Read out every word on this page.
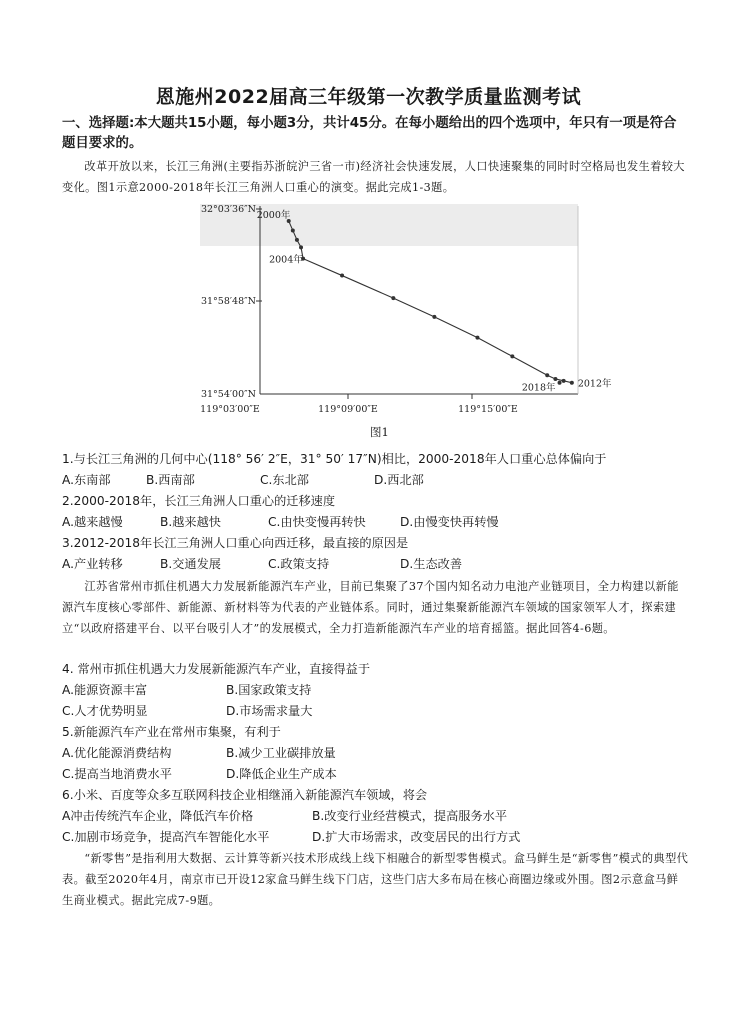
恩施州2022届高三年级第一次教学质量监测考试
一、选择题:本大题共15小题，每小题3分，共计45分。在每小题给出的四个选项中，年只有一项是符合题目要求的。
改革开放以来，长江三角洲(主要指苏浙皖沪三省一市)经济社会快速发展，人口快速聚集的同时时空格局也发生着较大变化。图1示意2000-2018年长江三角洲人口重心的演变。据此完成1-3题。
32°03′36″N
31°58′48″N
31°54′00″N
119°03′00″E	119°09′00″E	119°15′00″E
2000年
2004年
2012年
2018年
图1
1.与长江三角洲的几何中心(118° 56′ 2″E，31° 50′ 17″N)相比，2000-2018年人口重心总体偏向于
A.东南部	B.西南部	C.东北部	D.西北部
2.2000-2018年，长江三角洲人口重心的迁移速度
A.越来越慢	B.越来越快	C.由快变慢再转快	D.由慢变快再转慢
3.2012-2018年长江三角洲人口重心向西迁移，最直接的原因是
A.产业转移	B.交通发展	C.政策支持	D.生态改善
江苏省常州市抓住机遇大力发展新能源汽车产业，目前已集聚了37个国内知名动力电池产业链项目，全力构建以新能源汽车度核心零部件、新能源、新材料等为代表的产业链体系。同时，通过集聚新能源汽车领域的国家领军人才，探索建立“以政府搭建平台、以平台吸引人才”的发展模式，全力打造新能源汽车产业的培育摇篮。据此回答4-6题。
4. 常州市抓住机遇大力发展新能源汽车产业，直接得益于
A.能源资源丰富	B.国家政策支持
C.人才优势明显	D.市场需求量大
5.新能源汽车产业在常州市集聚，有利于
A.优化能源消费结构	B.减少工业碳排放量
C.提高当地消费水平	D.降低企业生产成本
6.小米、百度等众多互联网科技企业相继涌入新能源汽车领域，将会
A冲击传统汽车企业，降低汽车价格	B.改变行业经营模式，提高服务水平
C.加剧市场竞争，提高汽车智能化水平	D.扩大市场需求，改变居民的出行方式
“新零售”是指利用大数据、云计算等新兴技术形成线上线下相融合的新型零售模式。盒马鲜生是“新零售”模式的典型代表。截至2020年4月，南京市已开设12家盒马鲜生线下门店，这些门店大多布局在核心商圈边缘或外围。图2示意盒马鲜生商业模式。据此完成7-9题。
